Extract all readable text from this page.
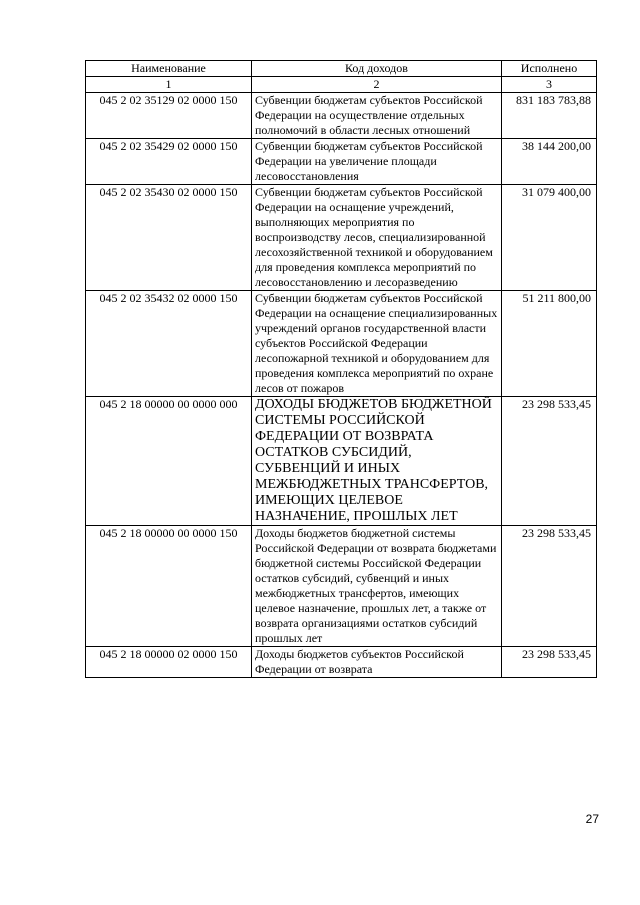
Наименование	Код доходов	Исполнено
1	2	3
045 2 02 35129 02 0000 150	Субвенции бюджетам субъектов Российской Федерации на осуществление отдельных полномочий в области лесных отношений	831 183 783,88
045 2 02 35429 02 0000 150	Субвенции бюджетам субъектов Российской Федерации на увеличение площади лесовосстановления	38 144 200,00
045 2 02 35430 02 0000 150	Субвенции бюджетам субъектов Российской Федерации на оснащение учреждений, выполняющих мероприятия по воспроизводству лесов, специализированной лесохозяйственной техникой и оборудованием для проведения комплекса мероприятий по лесовосстановлению и лесоразведению	31 079 400,00
045 2 02 35432 02 0000 150	Субвенции бюджетам субъектов Российской Федерации на оснащение специализированных учреждений органов государственной власти субъектов Российской Федерации лесопожарной техникой и оборудованием для проведения комплекса мероприятий по охране лесов от пожаров	51 211 800,00
045 2 18 00000 00 0000 000	ДОХОДЫ БЮДЖЕТОВ БЮДЖЕТНОЙ СИСТЕМЫ РОССИЙСКОЙ ФЕДЕРАЦИИ ОТ ВОЗВРАТА ОСТАТКОВ СУБСИДИЙ, СУБВЕНЦИЙ И ИНЫХ МЕЖБЮДЖЕТНЫХ ТРАНСФЕРТОВ, ИМЕЮЩИХ ЦЕЛЕВОЕ НАЗНАЧЕНИЕ, ПРОШЛЫХ ЛЕТ	23 298 533,45
045 2 18 00000 00 0000 150	Доходы бюджетов бюджетной системы Российской Федерации от возврата бюджетами бюджетной системы Российской Федерации остатков субсидий, субвенций и иных межбюджетных трансфертов, имеющих целевое назначение, прошлых лет, а также от возврата организациями остатков субсидий прошлых лет	23 298 533,45
045 2 18 00000 02 0000 150	Доходы бюджетов субъектов Российской Федерации от возврата	23 298 533,45
27
